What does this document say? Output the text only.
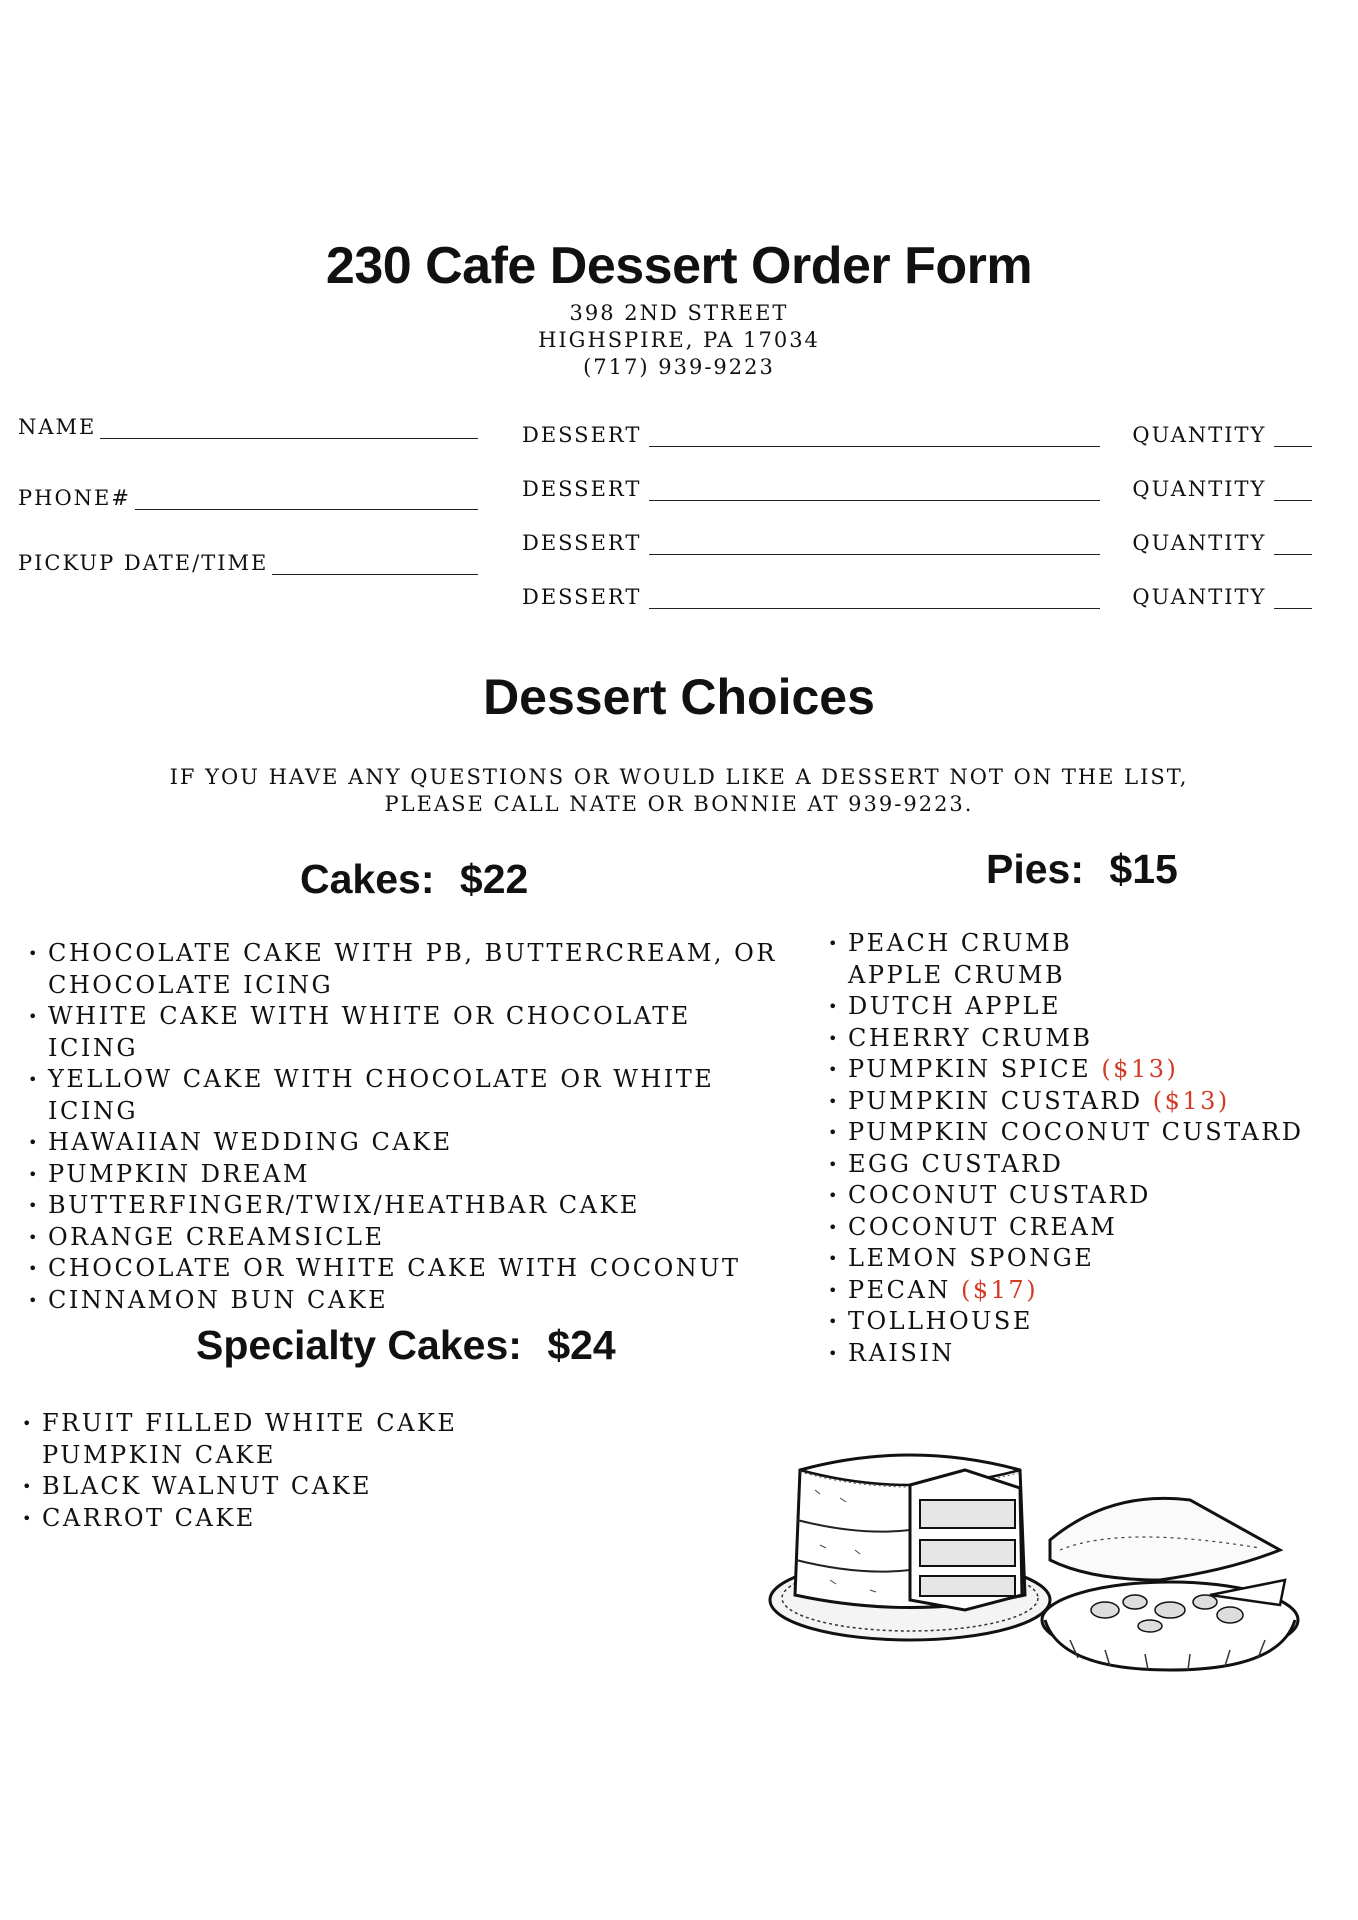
230 Cafe Dessert Order Form
398 2ND STREET
HIGHSPIRE, PA 17034
(717) 939-9223
NAME
PHONE#
PICKUP DATE/TIME
DESSERT	QUANTITY
DESSERT	QUANTITY
DESSERT	QUANTITY
DESSERT	QUANTITY
Dessert Choices
IF YOU HAVE ANY QUESTIONS OR WOULD LIKE A DESSERT NOT ON THE LIST,
PLEASE CALL NATE OR BONNIE AT 939-9223.
Cakes: $22
• CHOCOLATE CAKE WITH PB, BUTTERCREAM, OR
CHOCOLATE ICING
• WHITE CAKE WITH WHITE OR CHOCOLATE ICING
• YELLOW CAKE WITH CHOCOLATE OR WHITE ICING
• HAWAIIAN WEDDING CAKE
• PUMPKIN DREAM
• BUTTERFINGER/TWIX/HEATHBAR CAKE
• ORANGE CREAMSICLE
• CHOCOLATE OR WHITE CAKE WITH COCONUT
• CINNAMON BUN CAKE
Specialty Cakes: $24
• FRUIT FILLED WHITE CAKE
PUMPKIN CAKE
• BLACK WALNUT CAKE
• CARROT CAKE
Pies: $15
• PEACH CRUMB
APPLE CRUMB
• DUTCH APPLE
• CHERRY CRUMB
• PUMPKIN SPICE ($13)
• PUMPKIN CUSTARD ($13)
• PUMPKIN COCONUT CUSTARD
• EGG CUSTARD
• COCONUT CUSTARD
• COCONUT CREAM
• LEMON SPONGE
• PECAN ($17)
• TOLLHOUSE
• RAISIN
